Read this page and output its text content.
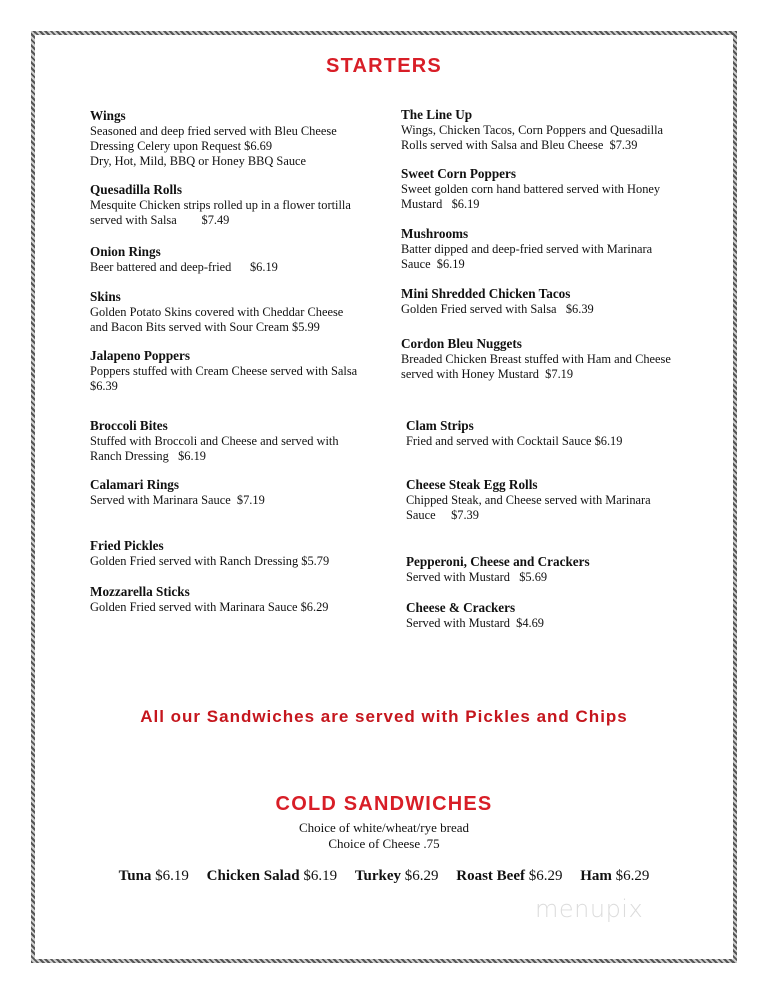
STARTERS
Wings
Seasoned and deep fried served with Bleu Cheese
Dressing Celery upon Request $6.69
Dry, Hot, Mild, BBQ or Honey BBQ Sauce
Quesadilla Rolls
Mesquite Chicken strips rolled up in a flower tortilla
served with Salsa        $7.49
Onion Rings
Beer battered and deep-fried      $6.19
Skins
Golden Potato Skins covered with Cheddar Cheese
and Bacon Bits served with Sour Cream $5.99
Jalapeno Poppers
Poppers stuffed with Cream Cheese served with Salsa
$6.39
Broccoli Bites
Stuffed with Broccoli and Cheese and served with
Ranch Dressing   $6.19
Calamari Rings
Served with Marinara Sauce  $7.19
Fried Pickles
Golden Fried served with Ranch Dressing $5.79
Mozzarella Sticks
Golden Fried served with Marinara Sauce $6.29
The Line Up
Wings, Chicken Tacos, Corn Poppers and Quesadilla
Rolls served with Salsa and Bleu Cheese  $7.39
Sweet Corn Poppers
Sweet golden corn hand battered served with Honey
Mustard   $6.19
Mushrooms
Batter dipped and deep-fried served with Marinara
Sauce  $6.19
Mini Shredded Chicken Tacos
Golden Fried served with Salsa   $6.39
Cordon Bleu Nuggets
Breaded Chicken Breast stuffed with Ham and Cheese
served with Honey Mustard  $7.19
Clam Strips
Fried and served with Cocktail Sauce $6.19
Cheese Steak Egg Rolls
Chipped Steak, and Cheese served with Marinara
Sauce     $7.39
Pepperoni, Cheese and Crackers
Served with Mustard   $5.69
Cheese & Crackers
Served with Mustard  $4.69
All our Sandwiches are served with Pickles and Chips
COLD SANDWICHES
Choice of white/wheat/rye bread
Choice of Cheese .75
Tuna $6.19 Chicken Salad $6.19 Turkey $6.29 Roast Beef $6.29 Ham $6.29
menupix
